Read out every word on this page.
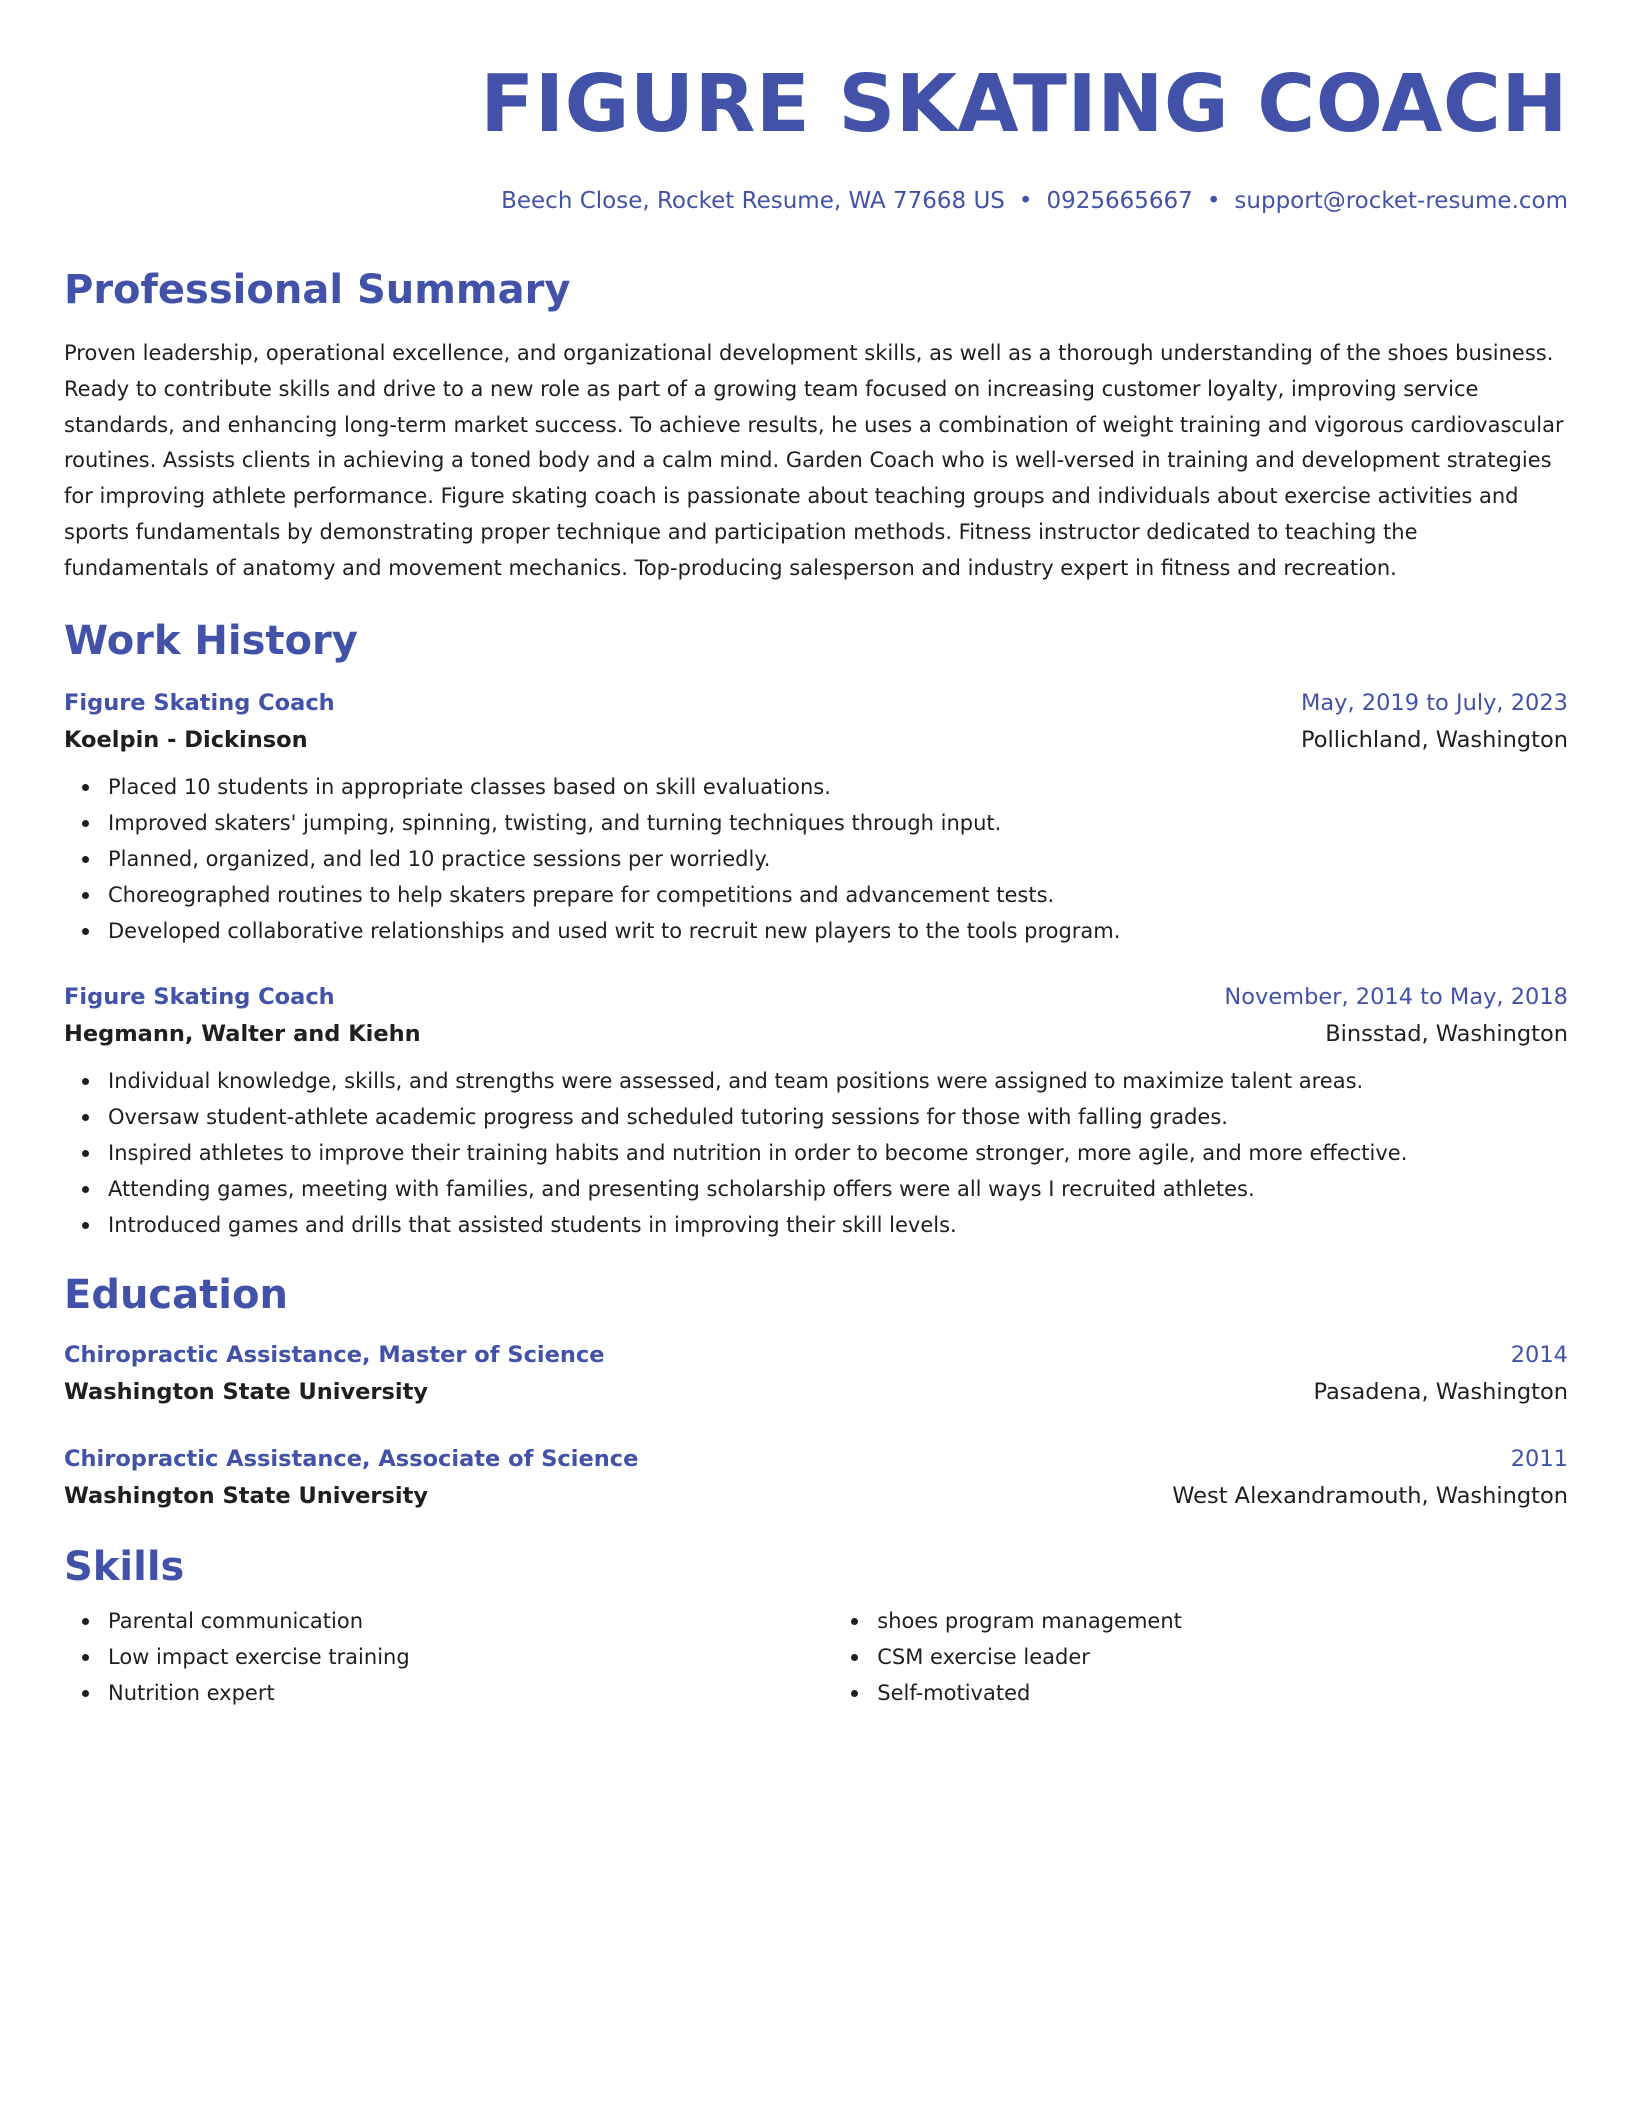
FIGURE SKATING COACH
Beech Close, Rocket Resume, WA 77668 US • 0925665667 • support@rocket-resume.com
Professional Summary
Proven leadership, operational excellence, and organizational development skills, as well as a thorough understanding of the shoes business. Ready to contribute skills and drive to a new role as part of a growing team focused on increasing customer loyalty, improving service standards, and enhancing long-term market success. To achieve results, he uses a combination of weight training and vigorous cardiovascular routines. Assists clients in achieving a toned body and a calm mind. Garden Coach who is well-versed in training and development strategies for improving athlete performance. Figure skating coach is passionate about teaching groups and individuals about exercise activities and sports fundamentals by demonstrating proper technique and participation methods. Fitness instructor dedicated to teaching the fundamentals of anatomy and movement mechanics. Top-producing salesperson and industry expert in fitness and recreation.
Work History
Figure Skating Coach	May, 2019 to July, 2023
Koelpin - Dickinson	Pollichland, Washington
Placed 10 students in appropriate classes based on skill evaluations.
Improved skaters' jumping, spinning, twisting, and turning techniques through input.
Planned, organized, and led 10 practice sessions per worriedly.
Choreographed routines to help skaters prepare for competitions and advancement tests.
Developed collaborative relationships and used writ to recruit new players to the tools program.
Figure Skating Coach	November, 2014 to May, 2018
Hegmann, Walter and Kiehn	Binsstad, Washington
Individual knowledge, skills, and strengths were assessed, and team positions were assigned to maximize talent areas.
Oversaw student-athlete academic progress and scheduled tutoring sessions for those with falling grades.
Inspired athletes to improve their training habits and nutrition in order to become stronger, more agile, and more effective.
Attending games, meeting with families, and presenting scholarship offers were all ways I recruited athletes.
Introduced games and drills that assisted students in improving their skill levels.
Education
Chiropractic Assistance, Master of Science	2014
Washington State University	Pasadena, Washington
Chiropractic Assistance, Associate of Science	2011
Washington State University	West Alexandramouth, Washington
Skills
Parental communication
Low impact exercise training
Nutrition expert
shoes program management
CSM exercise leader
Self-motivated
